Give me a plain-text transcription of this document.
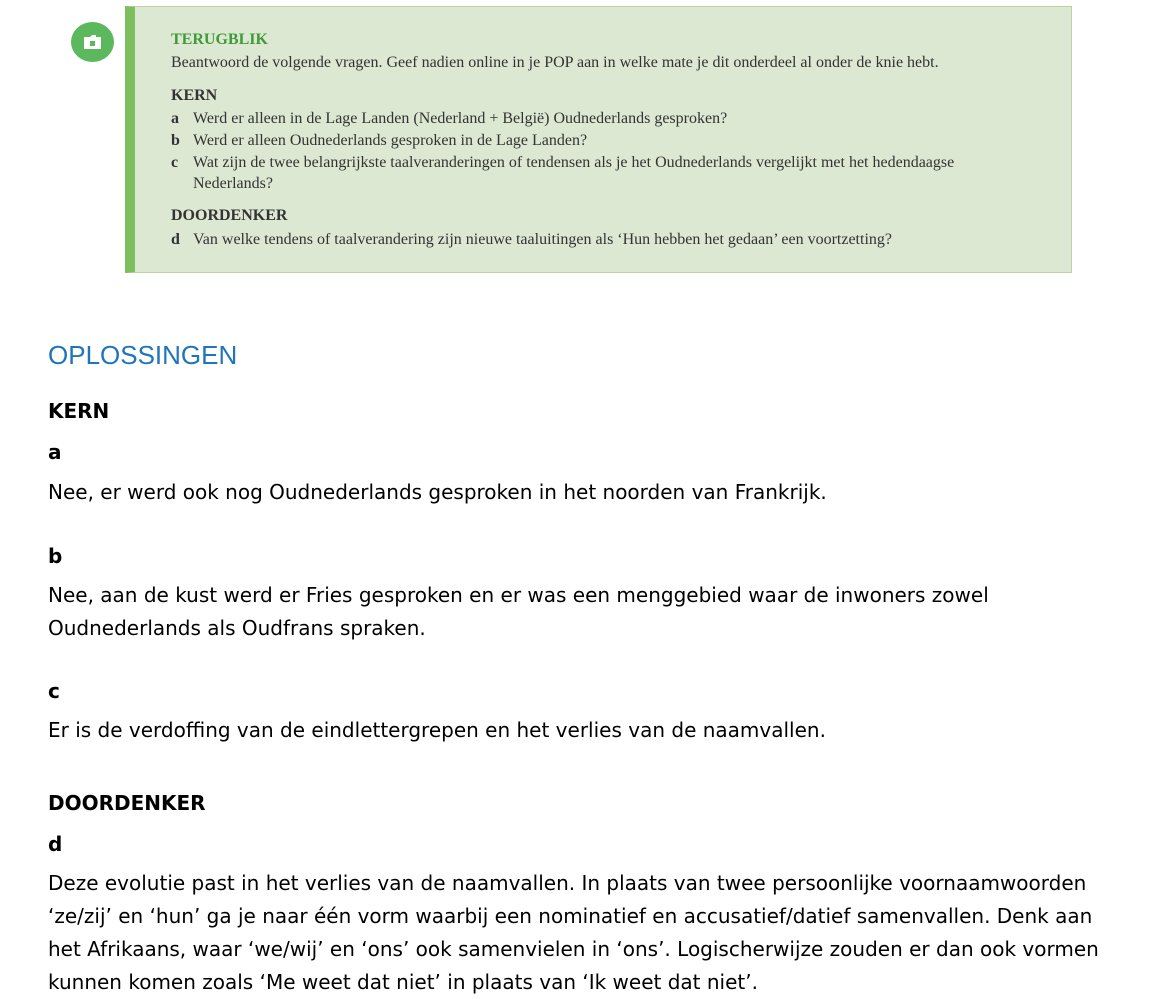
TERUGBLIK
Beantwoord de volgende vragen. Geef nadien online in je POP aan in welke mate je dit onderdeel al onder de knie hebt.
KERN
a Werd er alleen in de Lage Landen (Nederland + België) Oudnederlands gesproken?
b Werd er alleen Oudnederlands gesproken in de Lage Landen?
c Wat zijn de twee belangrijkste taalveranderingen of tendensen als je het Oudnederlands vergelijkt met het hedendaagse Nederlands?
DOORDENKER
d Van welke tendens of taalverandering zijn nieuwe taaluitingen als ‘Hun hebben het gedaan’ een voortzetting?
OPLOSSINGEN
KERN
a
Nee, er werd ook nog Oudnederlands gesproken in het noorden van Frankrijk.
b
Nee, aan de kust werd er Fries gesproken en er was een menggebied waar de inwoners zowel Oudnederlands als Oudfrans spraken.
c
Er is de verdoffing van de eindlettergrepen en het verlies van de naamvallen.
DOORDENKER
d
Deze evolutie past in het verlies van de naamvallen. In plaats van twee persoonlijke voornaamwoorden ‘ze/zij’ en ‘hun’ ga je naar één vorm waarbij een nominatief en accusatief/datief samenvallen. Denk aan het Afrikaans, waar ‘we/wij’ en ‘ons’ ook samenvielen in ‘ons’. Logischerwijze zouden er dan ook vormen kunnen komen zoals ‘Me weet dat niet’ in plaats van ‘Ik weet dat niet’.
